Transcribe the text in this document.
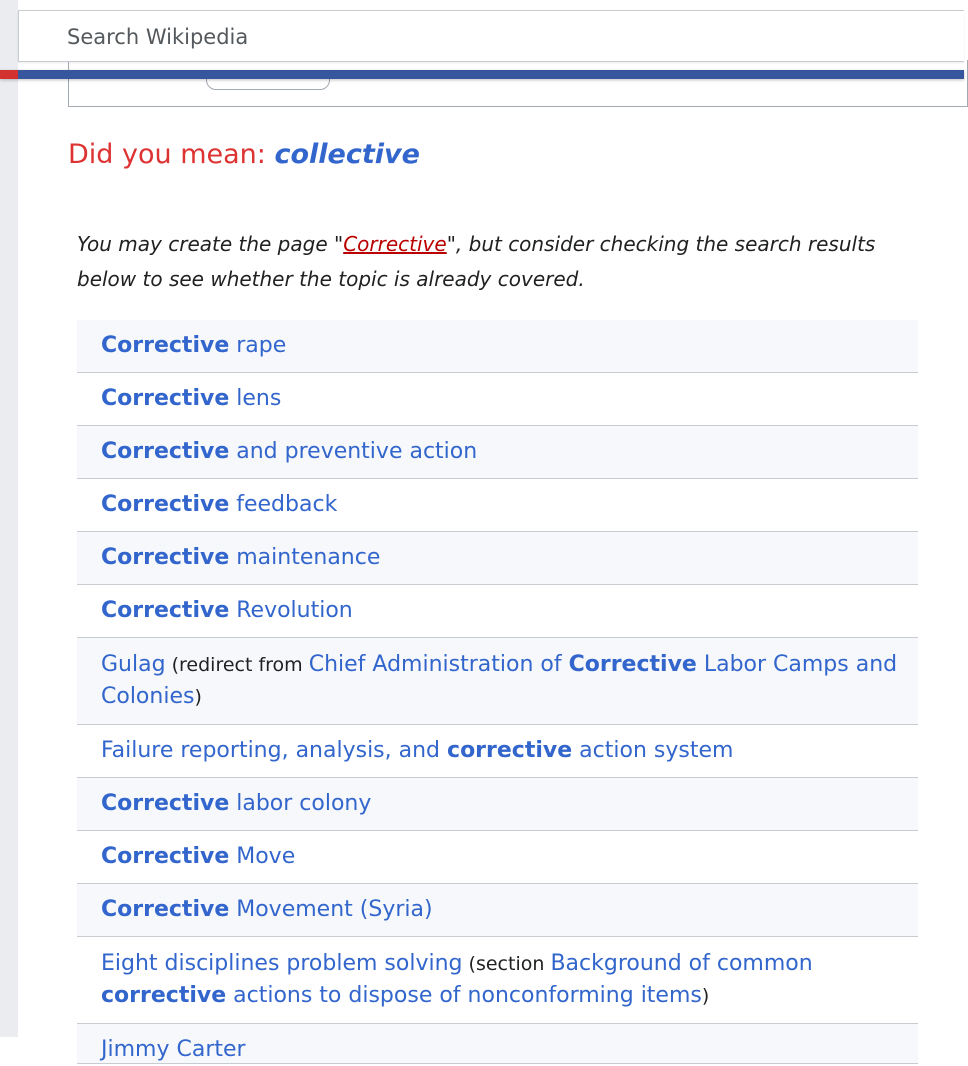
Search Wikipedia
Did you mean: collective

You may create the page "Corrective", but consider checking the search results below to see whether the topic is already covered.

Corrective rape
Corrective lens
Corrective and preventive action
Corrective feedback
Corrective maintenance
Corrective Revolution
Gulag (redirect from Chief Administration of Corrective Labor Camps and Colonies)
Failure reporting, analysis, and corrective action system
Corrective labor colony
Corrective Move
Corrective Movement (Syria)
Eight disciplines problem solving (section Background of common corrective actions to dispose of nonconforming items)
Jimmy Carter
